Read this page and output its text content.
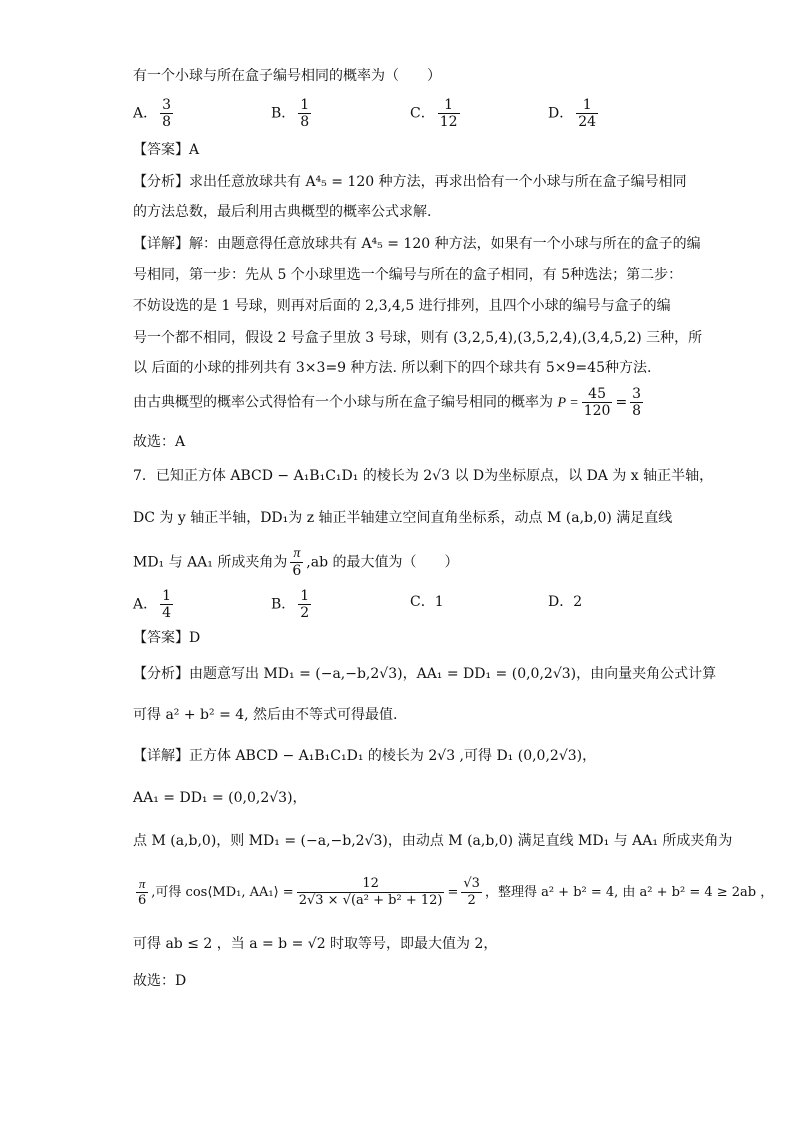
有一个小球与所在盒子编号相同的概率为（　　）
A． $\frac{3}{8}$	B． $\frac{1}{8}$	C． $\frac{1}{12}$	D． $\frac{1}{24}$
【答案】A
【分析】求出任意放球共有 A⁴₅ = 120 种方法，再求出恰有一个小球与所在盒子编号相同
的方法总数，最后利用古典概型的概率公式求解.
【详解】解：由题意得任意放球共有 A⁴₅ = 120 种方法，如果有一个小球与所在的盒子的编
号相同，第一步：先从 5 个小球里选一个编号与所在的盒子相同，有 5种选法；第二步：
不妨设选的是 1 号球，则再对后面的 2,3,4,5 进行排列，且四个小球的编号与盒子的编
号一个都不相同，假设 2 号盒子里放 3 号球，则有 (3,2,5,4),(3,5,2,4),(3,4,5,2) 三种，所
以 后面的小球的排列共有 3×3=9 种方法. 所以剩下的四个球共有 5×9=45种方法.
由古典概型的概率公式得恰有一个小球与所在盒子编号相同的概率为 $P = \frac{45}{120} = \frac{3}{8}$
故选：A
7．已知正方体 ABCD − A₁B₁C₁D₁ 的棱长为 2√3 以 D为坐标原点，以 DA 为 x 轴正半轴，
DC 为 y 轴正半轴，DD₁为 z 轴正半轴建立空间直角坐标系，动点 M (a,b,0) 满足直线
MD₁ 与 AA₁ 所成夹角为 $\frac{\pi}{6} ,ab$ 的最大值为（　　）
A． $\frac{1}{4}$	B． $\frac{1}{2}$	C．1	D．2
【答案】D
【分析】由题意写出 MD₁ = (−a,−b,2√3)，AA₁ = DD₁ = (0,0,2√3)，由向量夹角公式计算
可得 a² + b² = 4, 然后由不等式可得最值.
【详解】正方体 ABCD − A₁B₁C₁D₁ 的棱长为 2√3 ,可得 D₁ (0,0,2√3)，
AA₁ = DD₁ = (0,0,2√3)，
点 M (a,b,0)，则 MD₁ = (−a,−b,2√3)，由动点 M (a,b,0) 满足直线 MD₁ 与 AA₁ 所成夹角为
$\frac{\pi}{6}$ ,可得 cos⟨MD₁, AA₁⟩ = $\frac{12}{\text{2√3 × √(a² + b² + 12)}} = \frac{√3}{2}$ ，整理得 a² + b² = 4, 由 a² + b² = 4 ≥ 2ab ，
可得 ab ≤ 2 ，当 a = b = √2 时取等号，即最大值为 2，
故选：D
